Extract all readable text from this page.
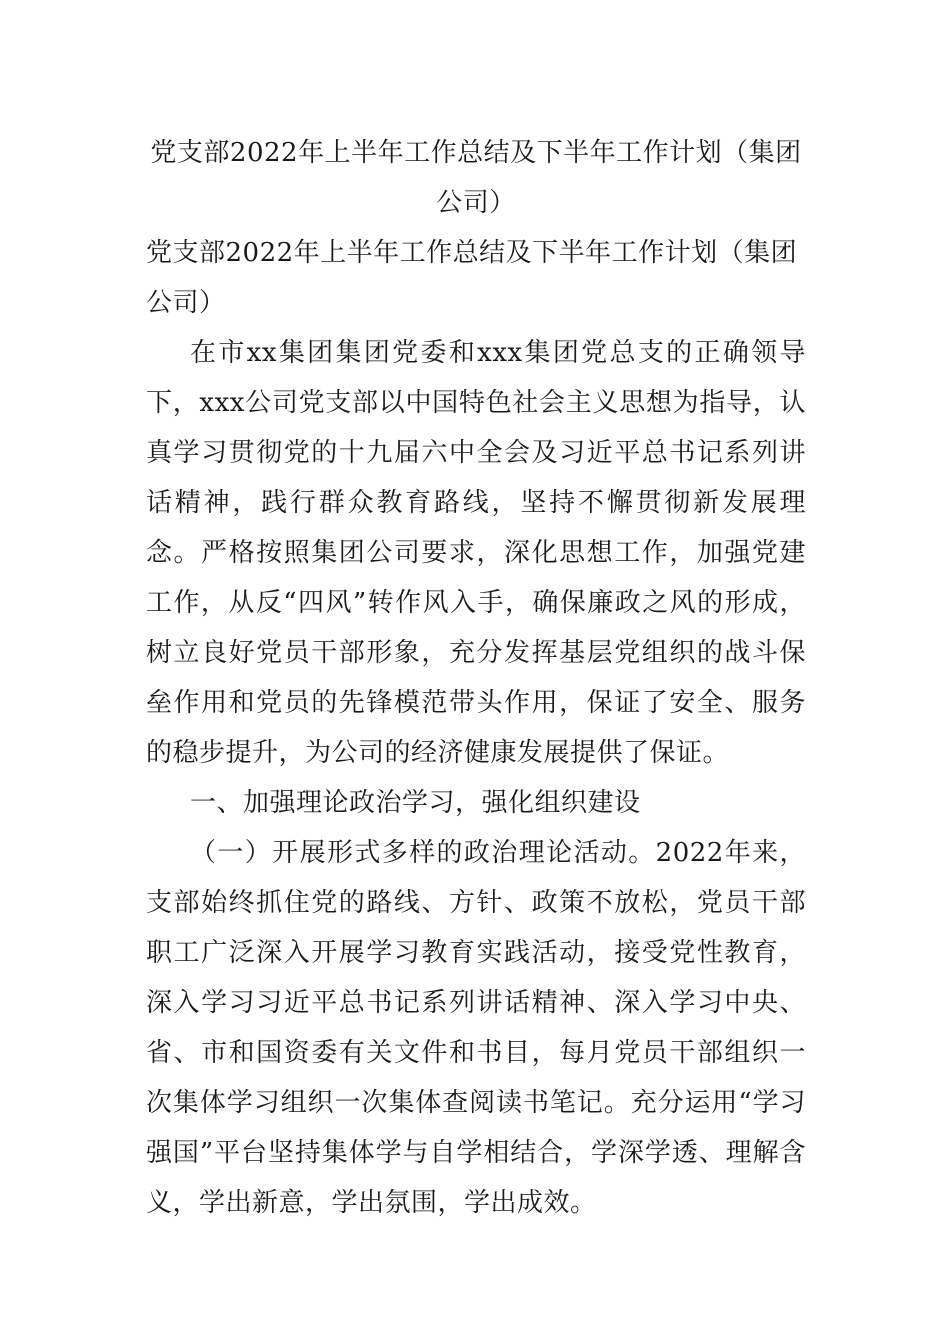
党支部2022年上半年工作总结及下半年工作计划（集团公司）

党支部2022年上半年工作总结及下半年工作计划（集团公司）

在市xx集团集团党委和xxx集团党总支的正确领导下，xxx公司党支部以中国特色社会主义思想为指导，认真学习贯彻党的十九届六中全会及习近平总书记系列讲话精神，践行群众教育路线，坚持不懈贯彻新发展理念。严格按照集团公司要求，深化思想工作，加强党建工作，从反“四风”转作风入手，确保廉政之风的形成，树立良好党员干部形象，充分发挥基层党组织的战斗保垒作用和党员的先锋模范带头作用，保证了安全、服务的稳步提升，为公司的经济健康发展提供了保证。

一、加强理论政治学习，强化组织建设

（一）开展形式多样的政治理论活动。2022年来，支部始终抓住党的路线、方针、政策不放松，党员干部职工广泛深入开展学习教育实践活动，接受党性教育，深入学习习近平总书记系列讲话精神、深入学习中央、省、市和国资委有关文件和书目，每月党员干部组织一次集体学习组织一次集体查阅读书笔记。充分运用“学习强国”平台坚持集体学与自学相结合，学深学透、理解含义，学出新意，学出氛围，学出成效。
